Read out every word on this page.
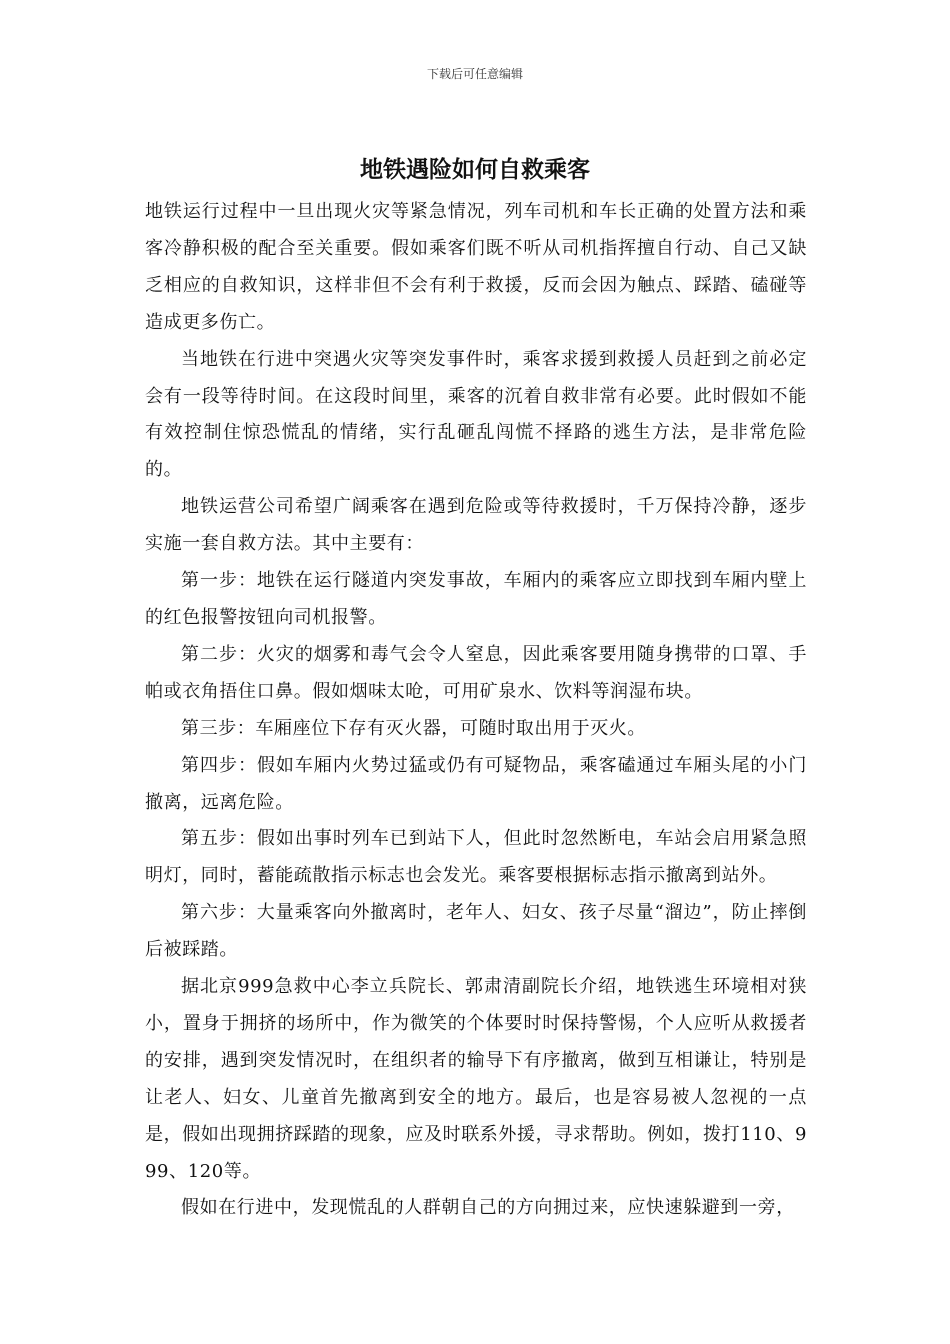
下载后可任意编辑
地铁遇险如何自救乘客

地铁运行过程中一旦出现火灾等紧急情况，列车司机和车长正确的处置方法和乘客冷静积极的配合至关重要。假如乘客们既不听从司机指挥擅自行动、自己又缺乏相应的自救知识，这样非但不会有利于救援，反而会因为触点、踩踏、磕碰等造成更多伤亡。

当地铁在行进中突遇火灾等突发事件时，乘客求援到救援人员赶到之前必定会有一段等待时间。在这段时间里，乘客的沉着自救非常有必要。此时假如不能有效控制住惊恐慌乱的情绪，实行乱砸乱闯慌不择路的逃生方法，是非常危险的。

地铁运营公司希望广阔乘客在遇到危险或等待救援时，千万保持冷静，逐步实施一套自救方法。其中主要有：

第一步：地铁在运行隧道内突发事故，车厢内的乘客应立即找到车厢内壁上的红色报警按钮向司机报警。

第二步：火灾的烟雾和毒气会令人窒息，因此乘客要用随身携带的口罩、手帕或衣角捂住口鼻。假如烟味太呛，可用矿泉水、饮料等润湿布块。

第三步：车厢座位下存有灭火器，可随时取出用于灭火。

第四步：假如车厢内火势过猛或仍有可疑物品，乘客磕通过车厢头尾的小门撤离，远离危险。

第五步：假如出事时列车已到站下人，但此时忽然断电，车站会启用紧急照明灯，同时，蓄能疏散指示标志也会发光。乘客要根据标志指示撤离到站外。

第六步：大量乘客向外撤离时，老年人、妇女、孩子尽量“溜边”，防止摔倒后被踩踏。

据北京999急救中心李立兵院长、郭肃清副院长介绍，地铁逃生环境相对狭小，置身于拥挤的场所中，作为微笑的个体要时时保持警惕，个人应听从救援者的安排，遇到突发情况时，在组织者的输导下有序撤离，做到互相谦让，特别是让老人、妇女、儿童首先撤离到安全的地方。最后，也是容易被人忽视的一点是，假如出现拥挤踩踏的现象，应及时联系外援，寻求帮助。例如，拨打110、999、120等。

假如在行进中，发现慌乱的人群朝自己的方向拥过来，应快速躲避到一旁，
